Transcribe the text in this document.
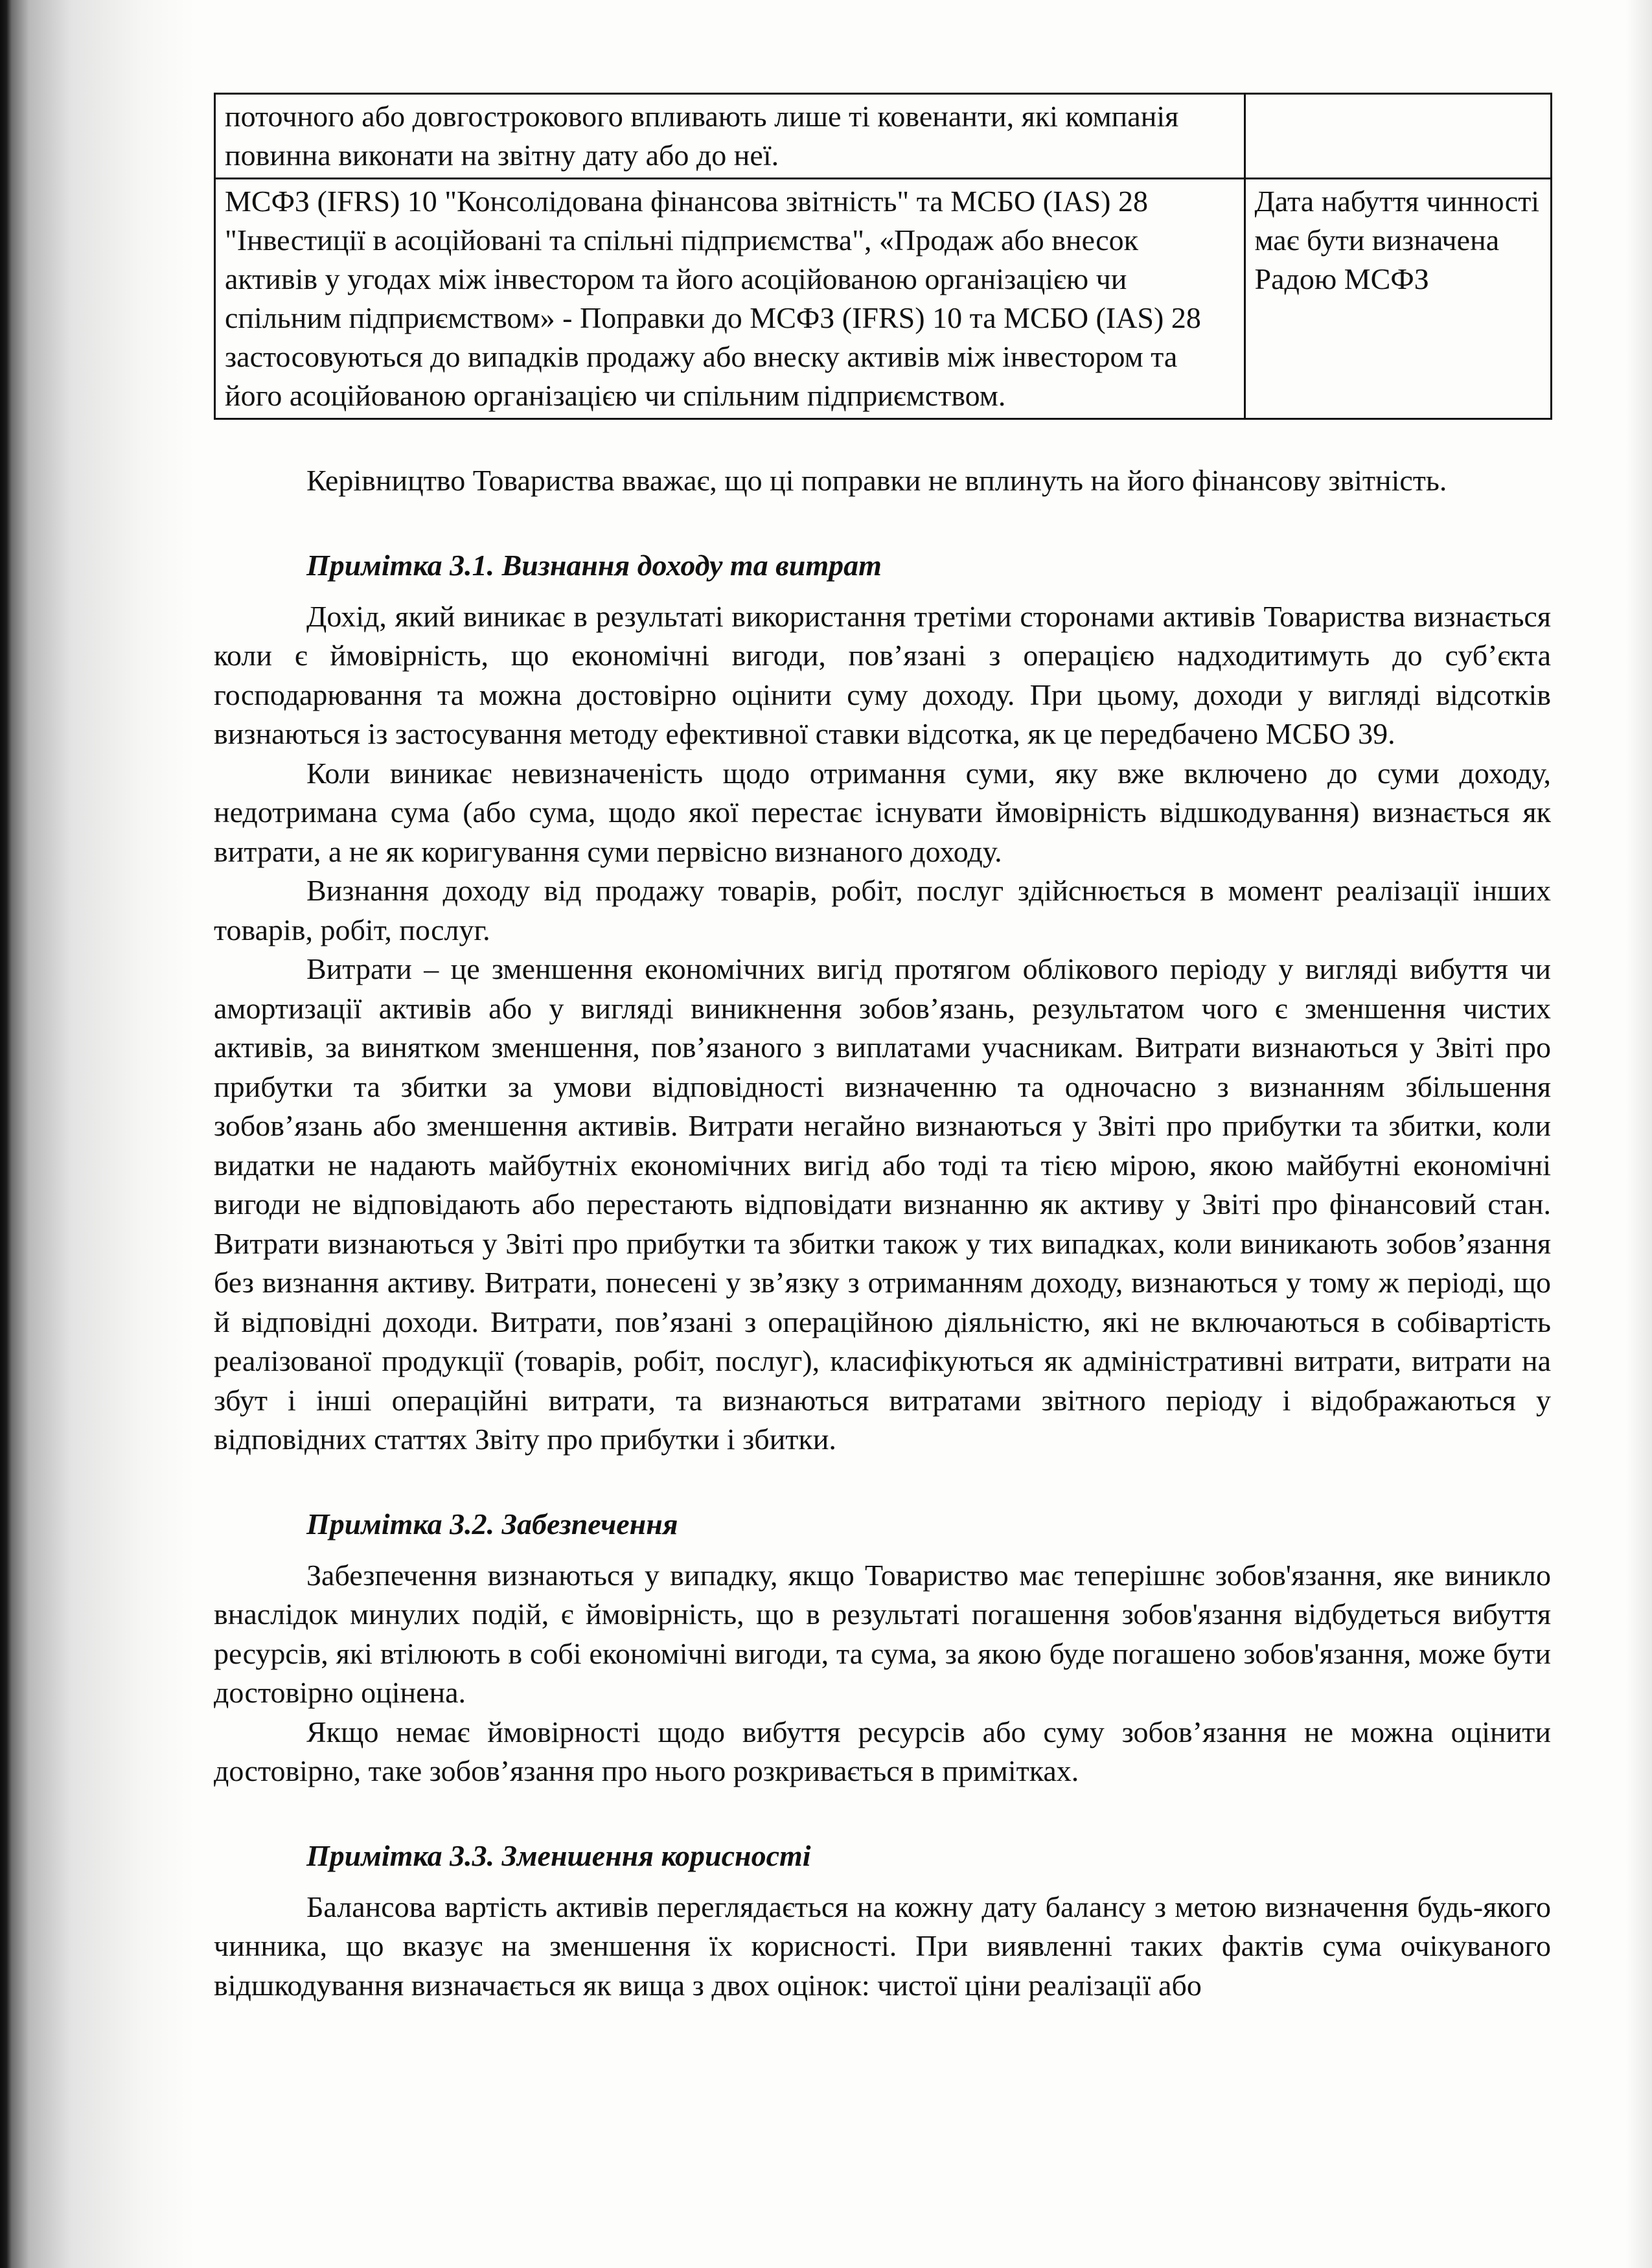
поточного або довгострокового впливають лише ті ковенанти, які компанія повинна виконати на звітну дату або до неї.	
МСФЗ (IFRS) 10 "Консолідована фінансова звітність" та МСБО (IAS) 28 "Інвестиції в асоційовані та спільні підприємства", «Продаж або внесок активів у угодах між інвестором та його асоційованою організацією чи спільним підприємством» - Поправки до МСФЗ (IFRS) 10 та МСБО (IAS) 28 застосовуються до випадків продажу або внеску активів між інвестором та його асоційованою організацією чи спільним підприємством.	Дата набуття чинності має бути визначена Радою МСФЗ

Керівництво Товариства вважає, що ці поправки не вплинуть на його фінансову звітність.

Примітка 3.1. Визнання доходу та витрат

Дохід, який виникає в результаті використання третіми сторонами активів Товариства визнається коли є ймовірність, що економічні вигоди, пов’язані з операцією надходитимуть до суб’єкта господарювання та можна достовірно оцінити суму доходу. При цьому, доходи у вигляді відсотків визнаються із застосування методу ефективної ставки відсотка, як це передбачено МСБО 39.

Коли виникає невизначеність щодо отримання суми, яку вже включено до суми доходу, недотримана сума (або сума, щодо якої перестає існувати ймовірність відшкодування) визнається як витрати, а не як коригування суми первісно визнаного доходу.

Визнання доходу від продажу товарів, робіт, послуг здійснюється в момент реалізації інших товарів, робіт, послуг.

Витрати – це зменшення економічних вигід протягом облікового періоду у вигляді вибуття чи амортизації активів або у вигляді виникнення зобов’язань, результатом чого є зменшення чистих активів, за винятком зменшення, пов’язаного з виплатами учасникам. Витрати визнаються у Звіті про прибутки та збитки за умови відповідності визначенню та одночасно з визнанням збільшення зобов’язань або зменшення активів. Витрати негайно визнаються у Звіті про прибутки та збитки, коли видатки не надають майбутніх економічних вигід або тоді та тією мірою, якою майбутні економічні вигоди не відповідають або перестають відповідати визнанню як активу у Звіті про фінансовий стан. Витрати визнаються у Звіті про прибутки та збитки також у тих випадках, коли виникають зобов’язання без визнання активу. Витрати, понесені у зв’язку з отриманням доходу, визнаються у тому ж періоді, що й відповідні доходи. Витрати, пов’язані з операційною діяльністю, які не включаються в собівартість реалізованої продукції (товарів, робіт, послуг), класифікуються як адміністративні витрати, витрати на збут і інші операційні витрати, та визнаються витратами звітного періоду і відображаються у відповідних статтях Звіту про прибутки і збитки.

Примітка 3.2. Забезпечення

Забезпечення визнаються у випадку, якщо Товариство має теперішнє зобов'язання, яке виникло внаслідок минулих подій, є ймовірність, що в результаті погашення зобов'язання відбудеться вибуття ресурсів, які втілюють в собі економічні вигоди, та сума, за якою буде погашено зобов'язання, може бути достовірно оцінена.

Якщо немає ймовірності щодо вибуття ресурсів або суму зобов’язання не можна оцінити достовірно, таке зобов’язання про нього розкривається в примітках.

Примітка 3.3. Зменшення корисності

Балансова вартість активів переглядається на кожну дату балансу з метою визначення будь-якого чинника, що вказує на зменшення їх корисності. При виявленні таких фактів сума очікуваного відшкодування визначається як вища з двох оцінок: чистої ціни реалізації або
